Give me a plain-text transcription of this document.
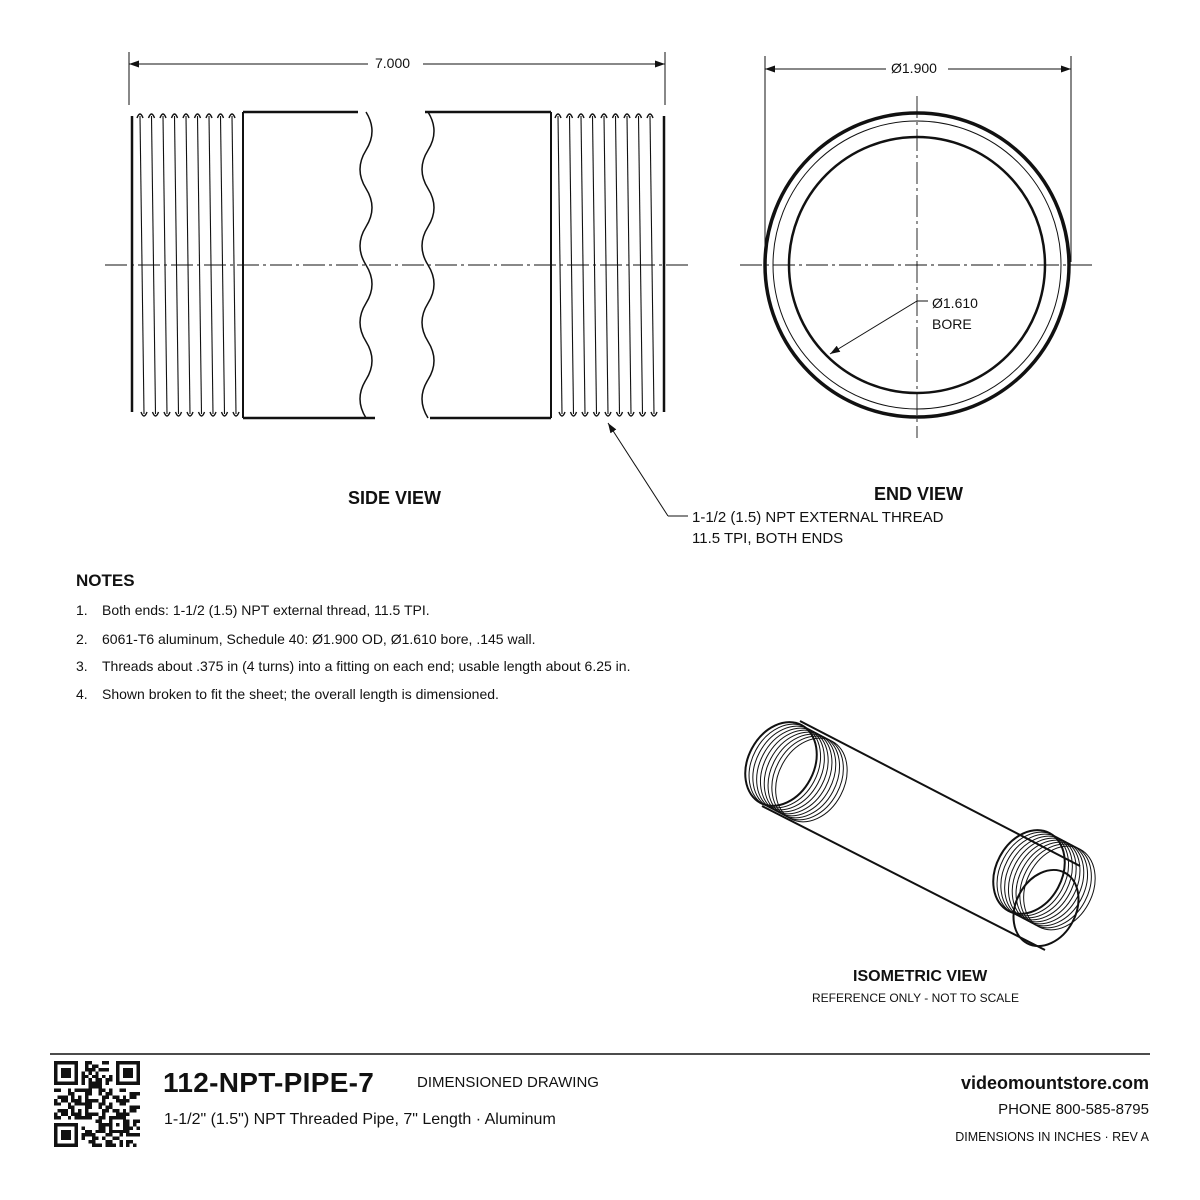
7.000	Ø1.900
Ø1.610
BORE
SIDE VIEW	END VIEW
1-1/2 (1.5) NPT EXTERNAL THREAD
11.5 TPI, BOTH ENDS
NOTES
1. Both ends: 1-1/2 (1.5) NPT external thread, 11.5 TPI.
2. 6061-T6 aluminum, Schedule 40: Ø1.900 OD, Ø1.610 bore, .145 wall.
3. Threads about .375 in (4 turns) into a fitting on each end; usable length about 6.25 in.
4. Shown broken to fit the sheet; the overall length is dimensioned.
ISOMETRIC VIEW
REFERENCE ONLY - NOT TO SCALE
112-NPT-PIPE-7	DIMENSIONED DRAWING
1-1/2" (1.5") NPT Threaded Pipe, 7" Length · Aluminum
videomountstore.com
PHONE 800-585-8795
DIMENSIONS IN INCHES · REV A
